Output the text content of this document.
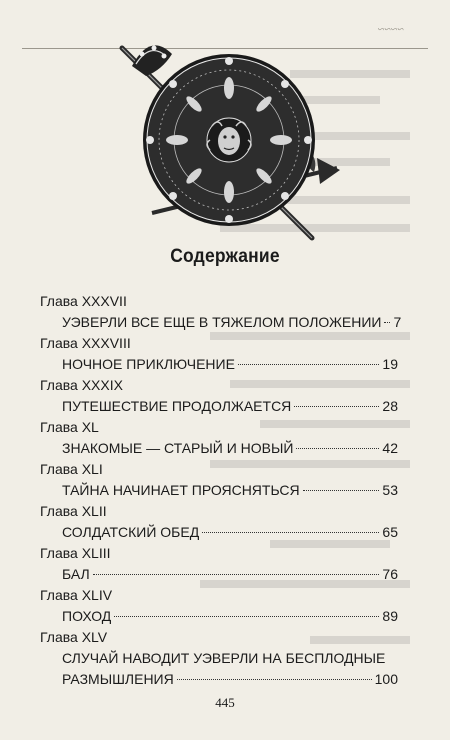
~~~~
Содержание
Глава XXXVII
УЭВЕРЛИ ВСЕ ЕЩЕ В ТЯЖЕЛОМ ПОЛОЖЕНИИ 7
Глава XXXVIII
НОЧНОЕ ПРИКЛЮЧЕНИЕ	19
Глава XXXIX
ПУТЕШЕСТВИЕ ПРОДОЛЖАЕТСЯ	28
Глава XL
ЗНАКОМЫЕ — СТАРЫЙ И НОВЫЙ	42
Глава XLI
ТАЙНА НАЧИНАЕТ ПРОЯСНЯТЬСЯ	53
Глава XLII
СОЛДАТСКИЙ ОБЕД	65
Глава XLIII
БАЛ	76
Глава XLIV
ПОХОД	89
Глава XLV
СЛУЧАЙ НАВОДИТ УЭВЕРЛИ НА БЕСПЛОДНЫЕ
РАЗМЫШЛЕНИЯ	100
445
